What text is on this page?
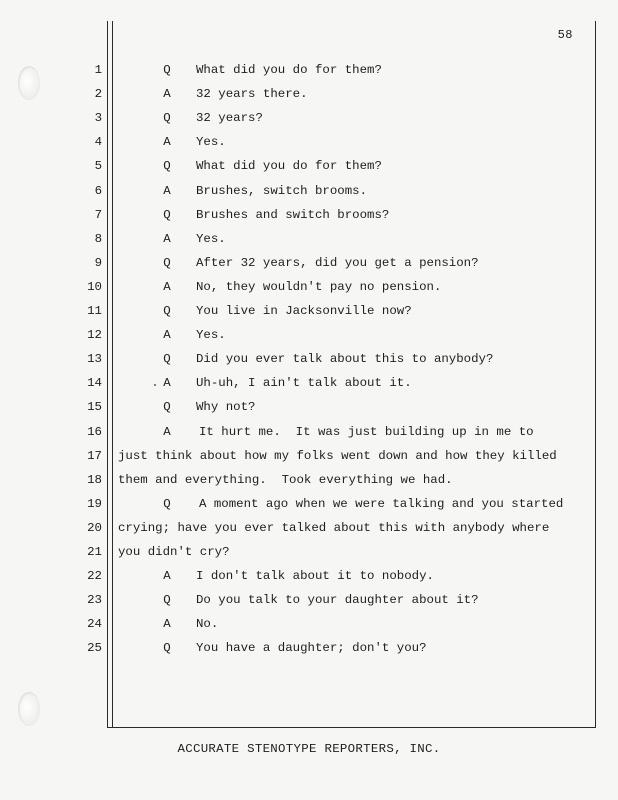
58
1	Q What did you do for them?
2	A 32 years there.
3	Q 32 years?
4	A Yes.
5	Q What did you do for them?
6	A Brushes, switch brooms.
7	Q Brushes and switch brooms?
8	A Yes.
9	Q After 32 years, did you get a pension?
10	A No, they wouldn't pay no pension.
11	Q You live in Jacksonville now?
12	A Yes.
13	Q Did you ever talk about this to anybody?
14	A Uh-uh, I ain't talk about it.
15	Q Why not?
16	A It hurt me.  It was just building up in me to
17 just think about how my folks went down and how they killed
18 them and everything.  Took everything we had.
19	Q A moment ago when we were talking and you started
20 crying; have you ever talked about this with anybody where
21 you didn't cry?
22	A I don't talk about it to nobody.
23	Q Do you talk to your daughter about it?
24	A No.
25	Q You have a daughter; don't you?
ACCURATE STENOTYPE REPORTERS, INC.
